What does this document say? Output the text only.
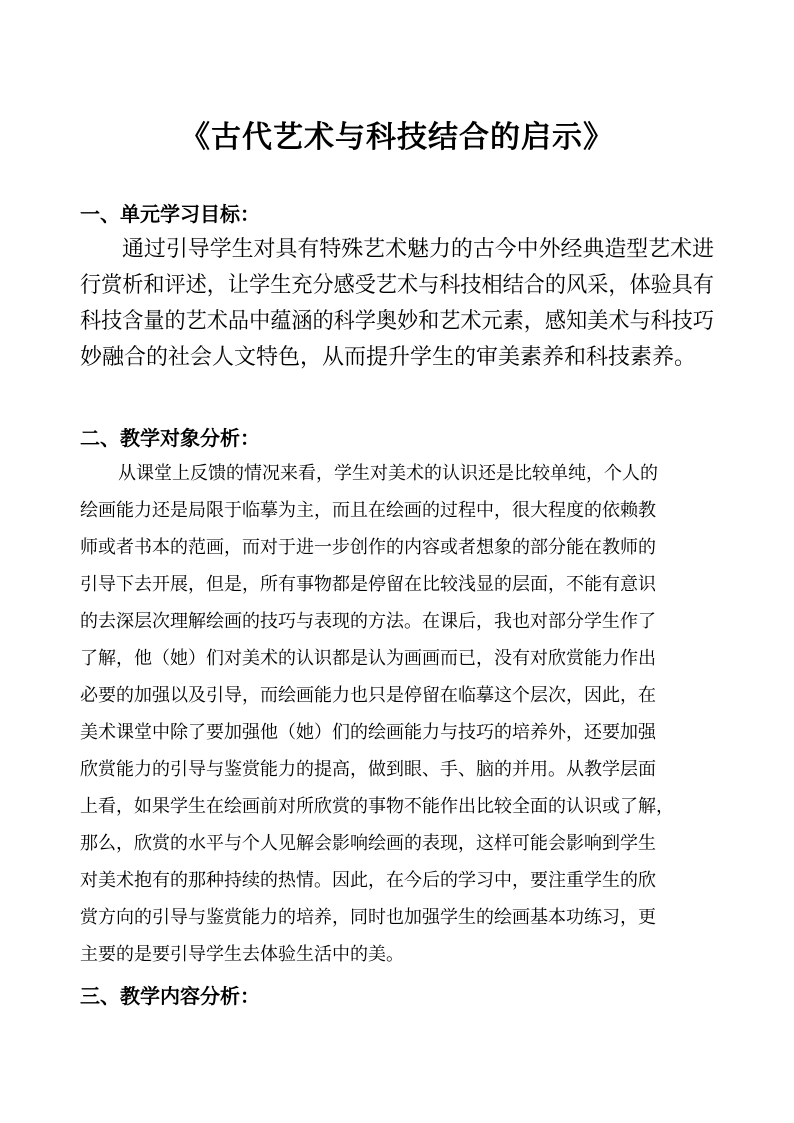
《古代艺术与科技结合的启示》
一、单元学习目标：
通过引导学生对具有特殊艺术魅力的古今中外经典造型艺术进
行赏析和评述，让学生充分感受艺术与科技相结合的风采，体验具有
科技含量的艺术品中蕴涵的科学奥妙和艺术元素，感知美术与科技巧
妙融合的社会人文特色，从而提升学生的审美素养和科技素养。
二、教学对象分析：
从课堂上反馈的情况来看，学生对美术的认识还是比较单纯，个人的
绘画能力还是局限于临摹为主，而且在绘画的过程中，很大程度的依赖教
师或者书本的范画，而对于进一步创作的内容或者想象的部分能在教师的
引导下去开展，但是，所有事物都是停留在比较浅显的层面，不能有意识
的去深层次理解绘画的技巧与表现的方法。在课后，我也对部分学生作了
了解，他（她）们对美术的认识都是认为画画而已，没有对欣赏能力作出
必要的加强以及引导，而绘画能力也只是停留在临摹这个层次，因此，在
美术课堂中除了要加强他（她）们的绘画能力与技巧的培养外，还要加强
欣赏能力的引导与鉴赏能力的提高，做到眼、手、脑的并用。从教学层面
上看，如果学生在绘画前对所欣赏的事物不能作出比较全面的认识或了解，
那么，欣赏的水平与个人见解会影响绘画的表现，这样可能会影响到学生
对美术抱有的那种持续的热情。因此，在今后的学习中，要注重学生的欣
赏方向的引导与鉴赏能力的培养，同时也加强学生的绘画基本功练习，更
主要的是要引导学生去体验生活中的美。
三、教学内容分析：
